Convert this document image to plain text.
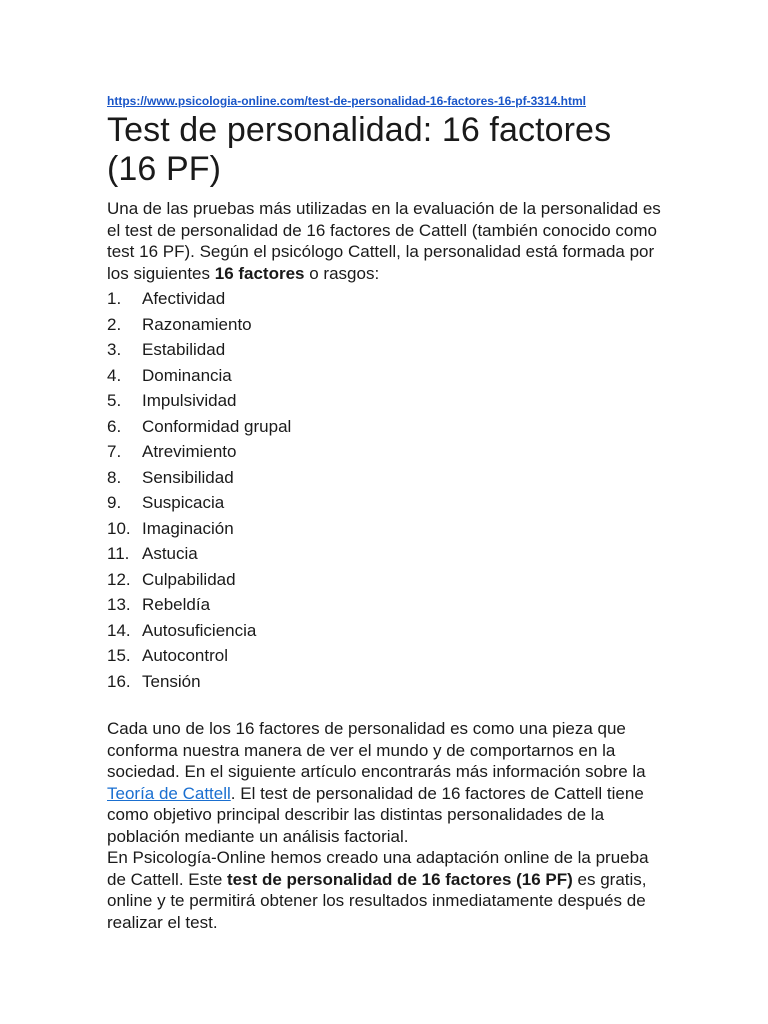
https://www.psicologia-online.com/test-de-personalidad-16-factores-16-pf-3314.html
Test de personalidad: 16 factores
(16 PF)

Una de las pruebas más utilizadas en la evaluación de la personalidad es el test de personalidad de 16 factores de Cattell (también conocido como test 16 PF). Según el psicólogo Cattell, la personalidad está formada por los siguientes 16 factores o rasgos:

1.	Afectividad
2.	Razonamiento
3.	Estabilidad
4.	Dominancia
5.	Impulsividad
6.	Conformidad grupal
7.	Atrevimiento
8.	Sensibilidad
9.	Suspicacia
10. Imaginación
11. Astucia
12. Culpabilidad
13. Rebeldía
14. Autosuficiencia
15. Autocontrol
16. Tensión

Cada uno de los 16 factores de personalidad es como una pieza que conforma nuestra manera de ver el mundo y de comportarnos en la sociedad. En el siguiente artículo encontrarás más información sobre la Teoría de Cattell. El test de personalidad de 16 factores de Cattell tiene como objetivo principal describir las distintas personalidades de la población mediante un análisis factorial.

En Psicología-Online hemos creado una adaptación online de la prueba de Cattell. Este test de personalidad de 16 factores (16 PF) es gratis, online y te permitirá obtener los resultados inmediatamente después de realizar el test.
